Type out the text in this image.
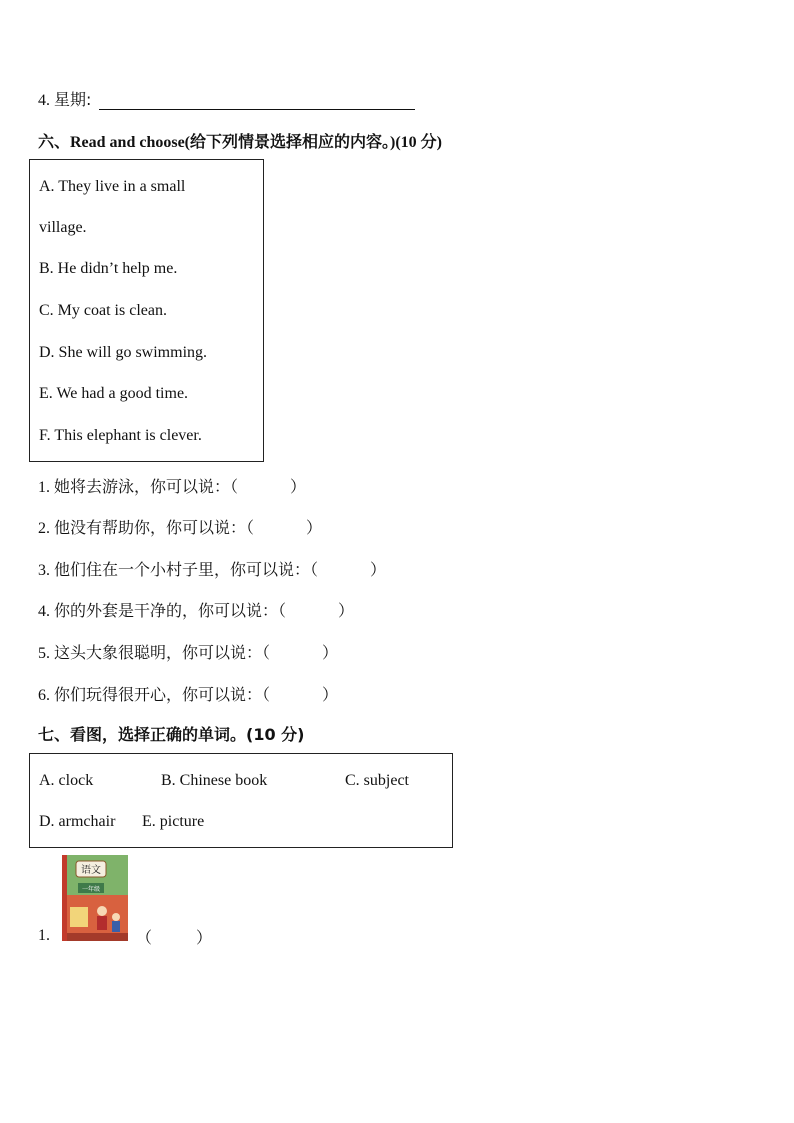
4. 星期:
六、Read and choose(给下列情景选择相应的内容。)(10 分)
A. They live in a small
village.
B. He didn’t help me.
C. My coat is clean.
D. She will go swimming.
E. We had a good time.
F. This elephant is clever.
1. 她将去游泳，你可以说：（	）
2. 他没有帮助你，你可以说：（	）
3. 他们住在一个小村子里，你可以说：（	）
4. 你的外套是干净的，你可以说：（	）
5. 这头大象很聪明，你可以说：（	）
6. 你们玩得很开心，你可以说：（	）
七、看图，选择正确的单词。(10 分)
A. clock	B. Chinese book	C. subject
D. armchair E. picture
1.
语文
一年级
（	）
